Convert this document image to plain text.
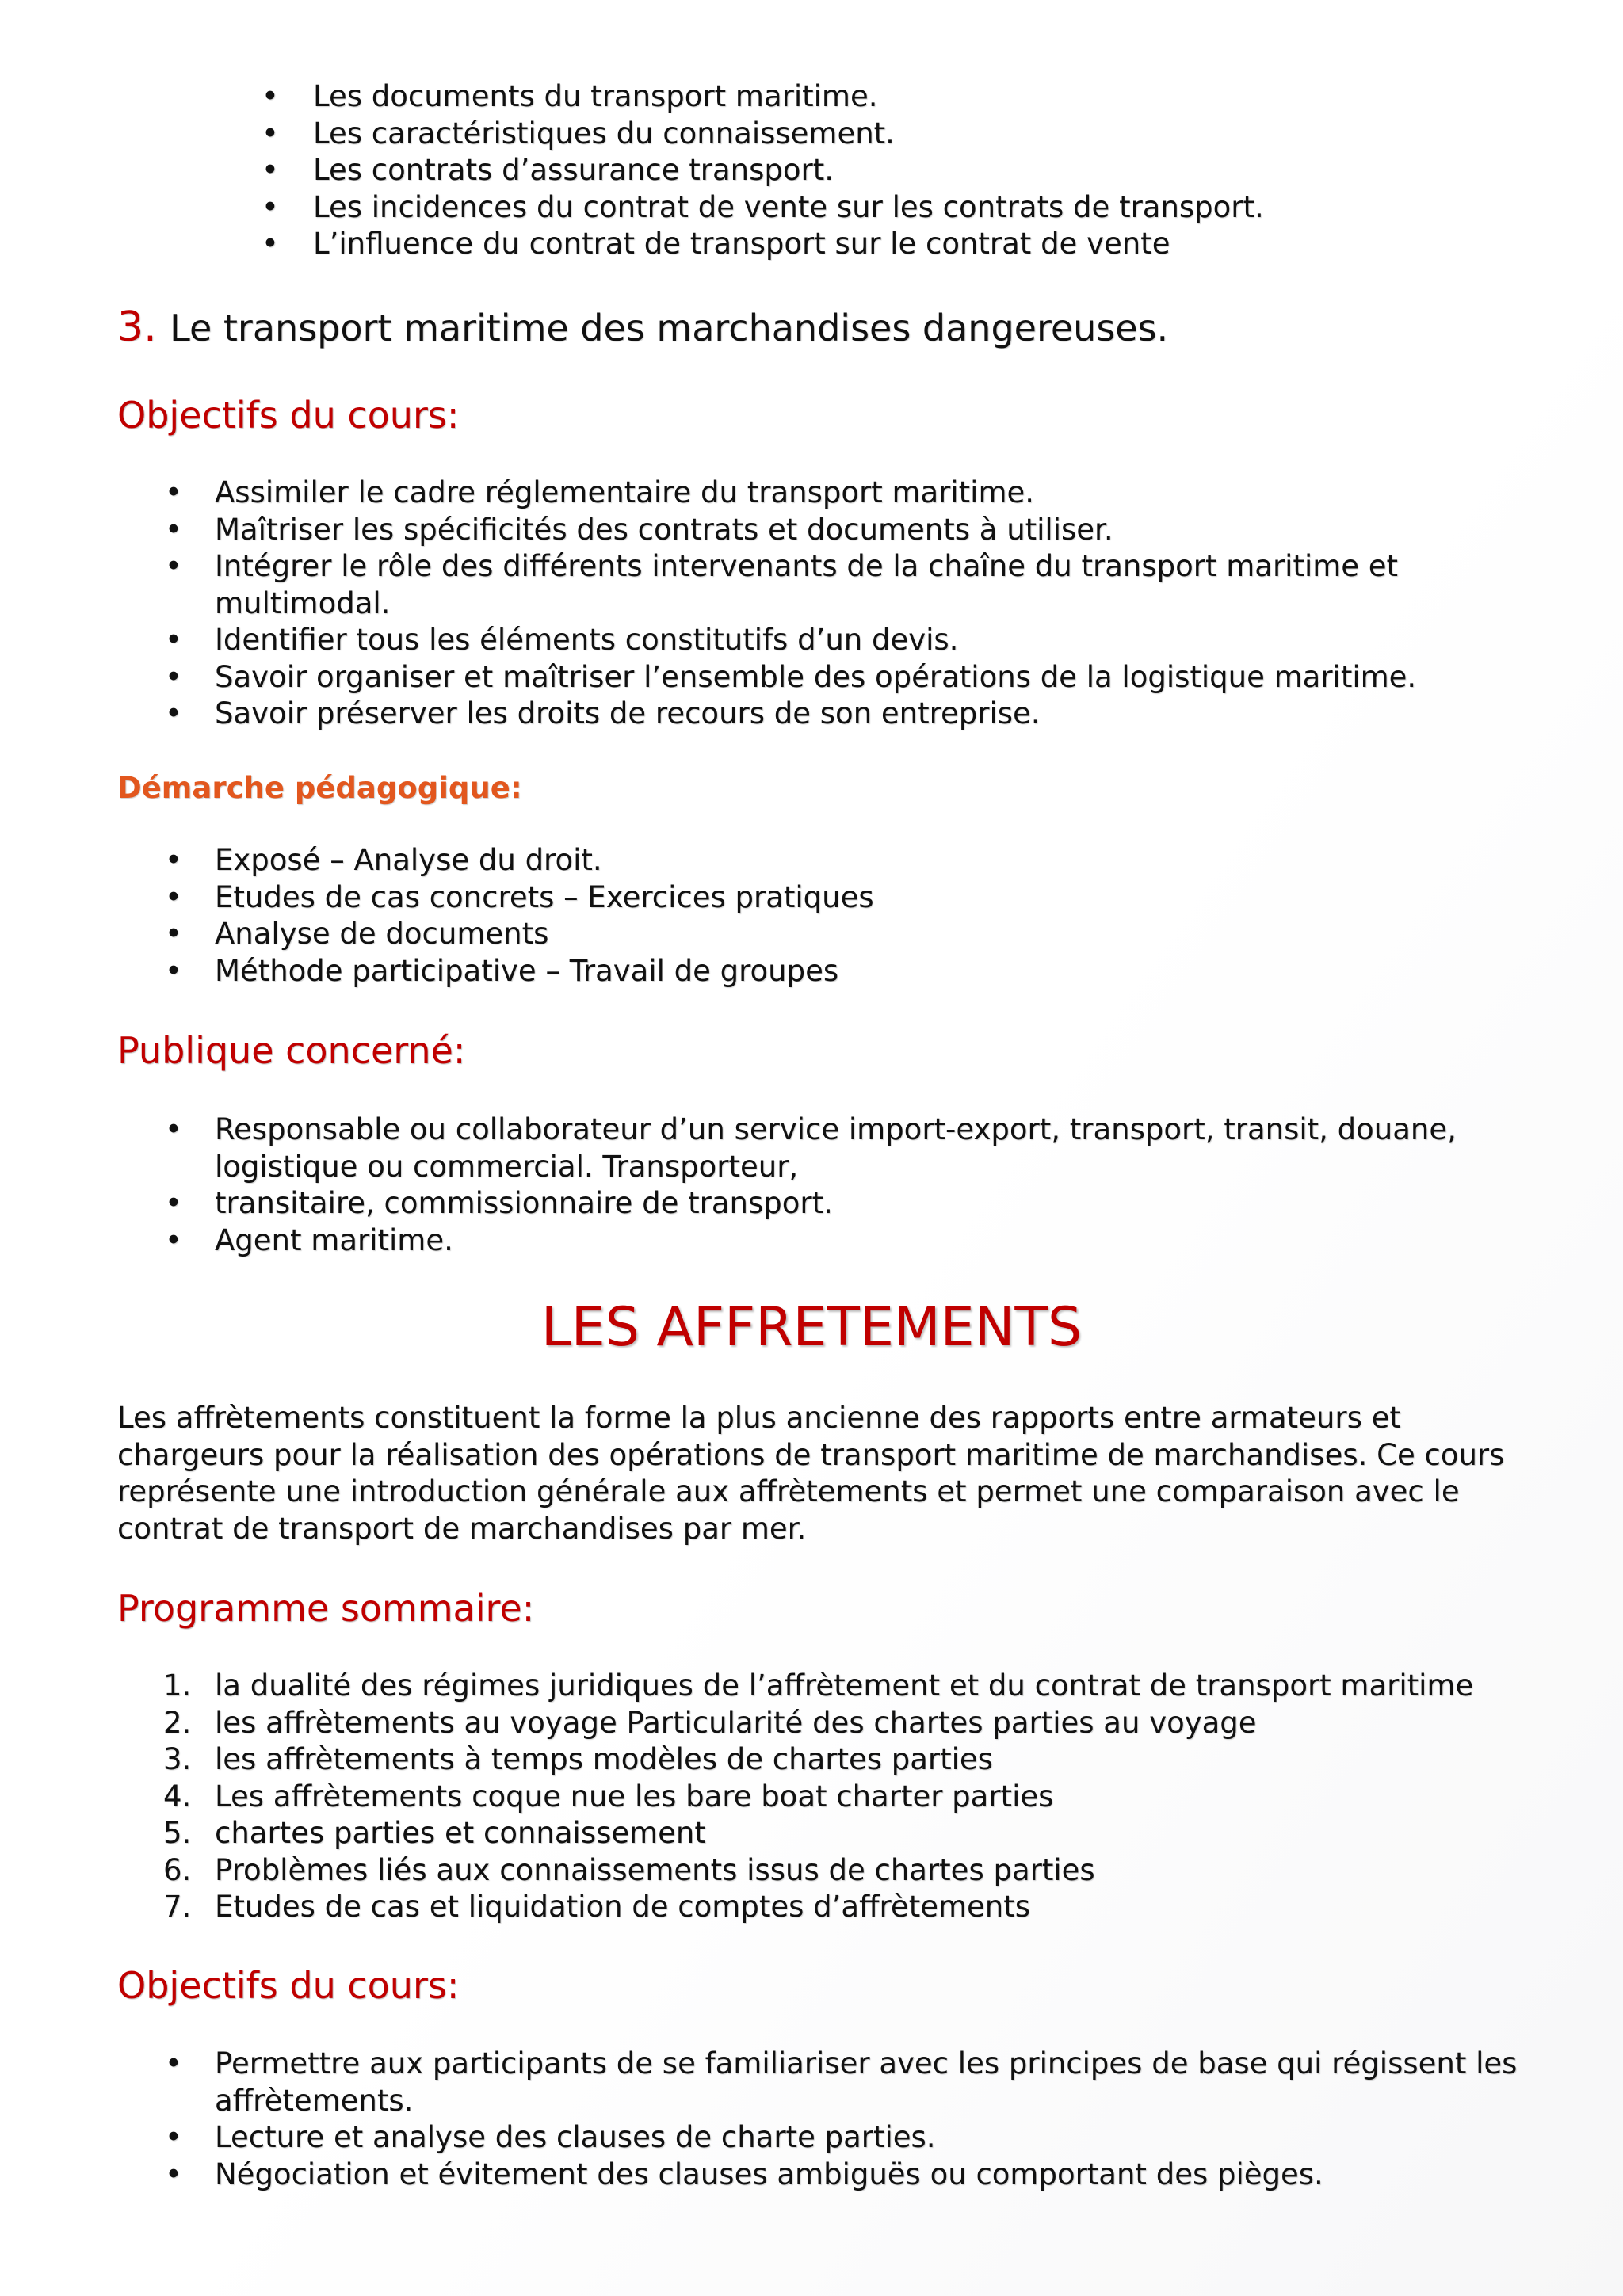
• Les documents du transport maritime.
• Les caractéristiques du connaissement.
• Les contrats d’assurance transport.
• Les incidences du contrat de vente sur les contrats de transport.
• L’influence du contrat de transport sur le contrat de vente
3. Le transport maritime des marchandises dangereuses.
Objectifs du cours:
• Assimiler le cadre réglementaire du transport maritime.
• Maîtriser les spécificités des contrats et documents à utiliser.
• Intégrer le rôle des différents intervenants de la chaîne du transport maritime et multimodal.
• Identifier tous les éléments constitutifs d’un devis.
• Savoir organiser et maîtriser l’ensemble des opérations de la logistique maritime.
• Savoir préserver les droits de recours de son entreprise.
Démarche pédagogique:
• Exposé – Analyse du droit.
• Etudes de cas concrets – Exercices pratiques
• Analyse de documents
• Méthode participative – Travail de groupes
Publique concerné:
• Responsable ou collaborateur d’un service import-export, transport, transit, douane, logistique ou commercial. Transporteur,
• transitaire, commissionnaire de transport.
• Agent maritime.
LES AFFRETEMENTS
Les affrètements constituent la forme la plus ancienne des rapports entre armateurs et chargeurs pour la réalisation des opérations de transport maritime de marchandises. Ce cours représente une introduction générale aux affrètements et permet une comparaison avec le contrat de transport de marchandises par mer.
Programme sommaire:
1. la dualité des régimes juridiques de l’affrètement et du contrat de transport maritime
2. les affrètements au voyage Particularité des chartes parties au voyage
3. les affrètements à temps modèles de chartes parties
4. Les affrètements coque nue les bare boat charter parties
5. chartes parties et connaissement
6. Problèmes liés aux connaissements issus de chartes parties
7. Etudes de cas et liquidation de comptes d’affrètements
Objectifs du cours:
• Permettre aux participants de se familiariser avec les principes de base qui régissent les affrètements.
• Lecture et analyse des clauses de charte parties.
• Négociation et évitement des clauses ambiguës ou comportant des pièges.
